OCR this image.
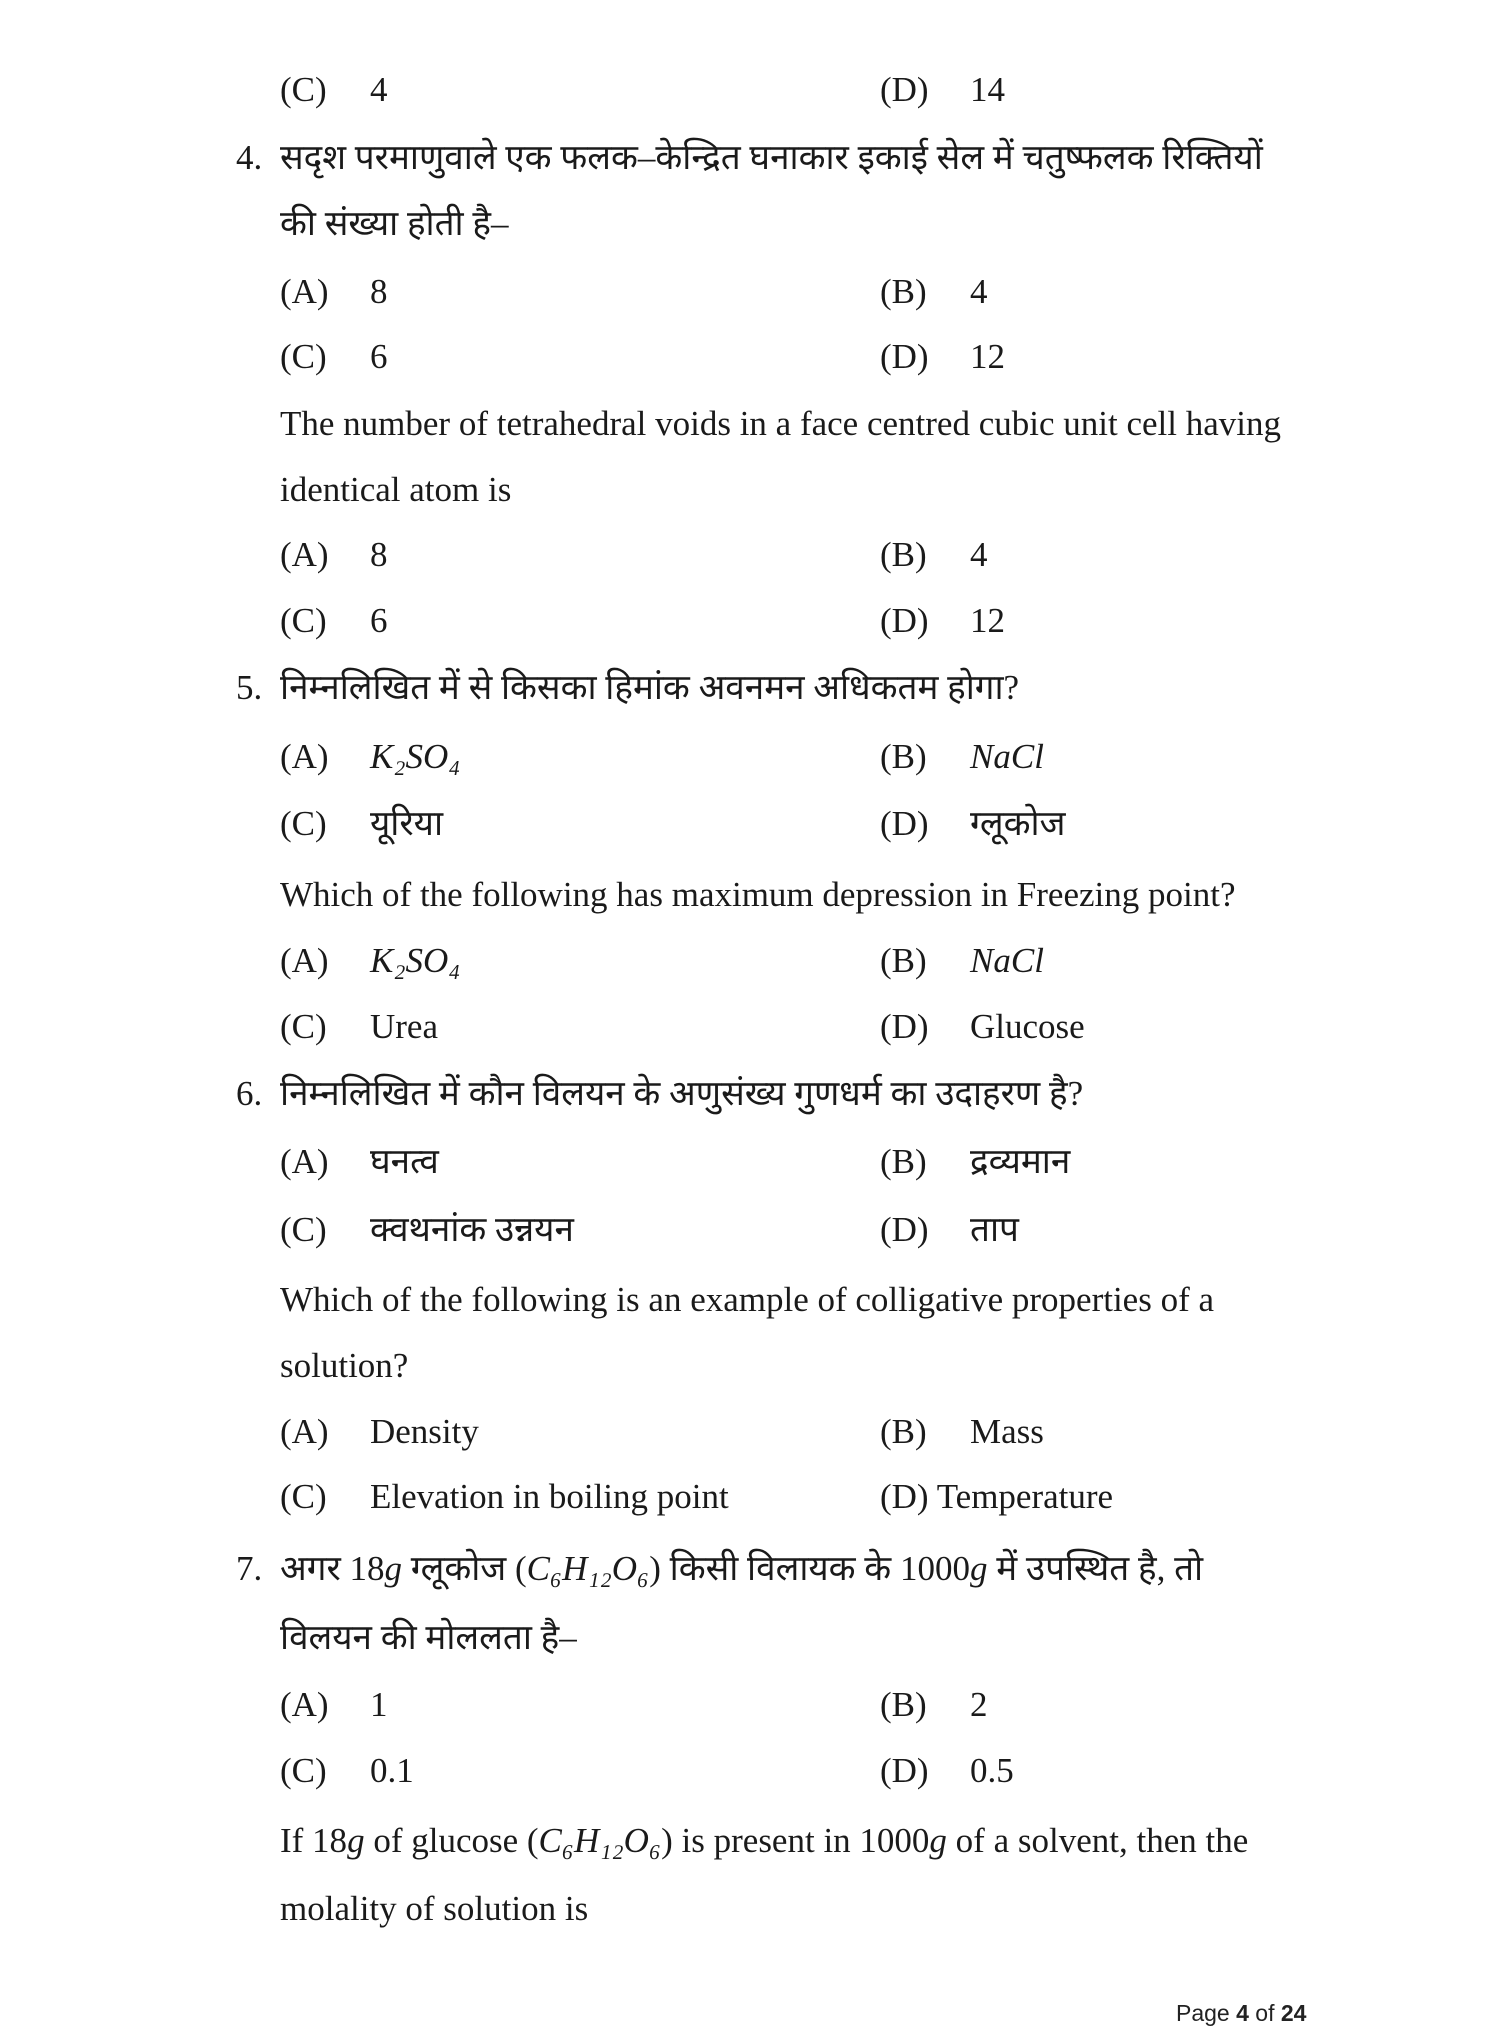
(C) 4	(D) 14
4. सदृश परमाणुवाले एक फलक–केन्द्रित घनाकार इकाई सेल में चतुष्फलक रिक्तियों
की संख्या होती है–
(A) 8	(B) 4
(C) 6	(D) 12
The number of tetrahedral voids in a face centred cubic unit cell having
identical atom is
(A) 8	(B) 4
(C) 6	(D) 12
5. निम्नलिखित में से किसका हिमांक अवनमन अधिकतम होगा?
(A) K₂SO₄	(B) NaCl
(C) यूरिया	(D) ग्लूकोज
Which of the following has maximum depression in Freezing point?
(A) K₂SO₄	(B) NaCl
(C) Urea	(D) Glucose
6. निम्नलिखित में कौन विलयन के अणुसंख्य गुणधर्म का उदाहरण है?
(A) घनत्व	(B) द्रव्यमान
(C) क्वथनांक उन्नयन	(D) ताप
Which of the following is an example of colligative properties of a
solution?
(A) Density	(B) Mass
(C) Elevation in boiling point	(D) Temperature
7. अगर 18g ग्लूकोज (C₆H₁₂O₆) किसी विलायक के 1000g में उपस्थित है, तो
विलयन की मोललता है–
(A) 1	(B) 2
(C) 0.1	(D) 0.5
If 18g of glucose (C₆H₁₂O₆) is present in 1000g of a solvent, then the
molality of solution is
Page 4 of 24
